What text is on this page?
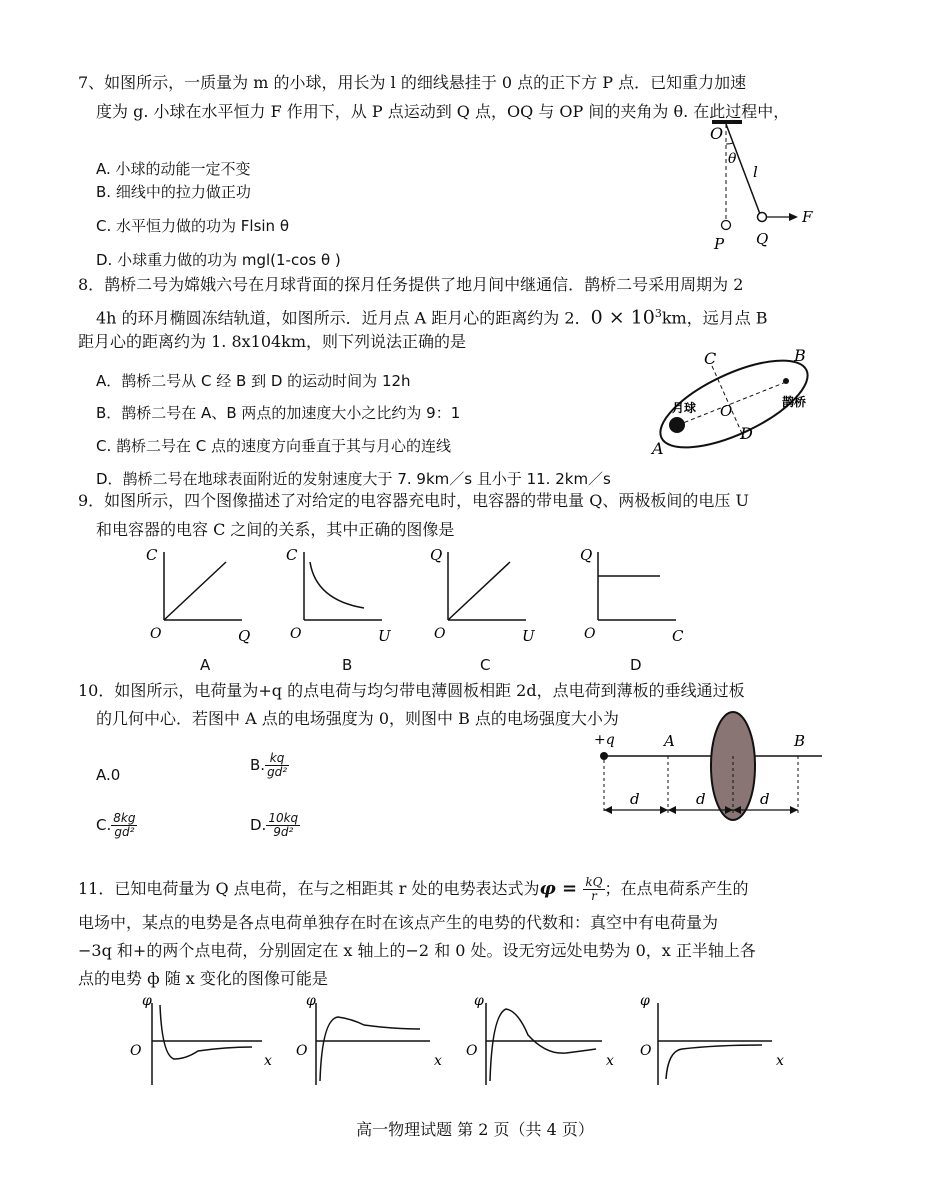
7、如图所示，一质量为 m 的小球，用长为 l 的细线悬挂于 0 点的正下方 P 点．已知重力加速
度为 g. 小球在水平恒力 F 作用下，从 P 点运动到 Q 点，OQ 与 OP 间的夹角为 θ. 在此过程中，
A. 小球的动能一定不变
B. 细线中的拉力做正功
C. 水平恒力做的功为 Flsin θ
D. 小球重力做的功为 mgl(1-cos θ )
O
θ
l
P Q
F
8．鹊桥二号为嫦娥六号在月球背面的探月任务提供了地月间中继通信．鹊桥二号采用周期为 2
4h 的环月椭圆冻结轨道，如图所示．近月点 A 距月心的距离约为 2．$0 \times 10^3km$，远月点 B
距月心的距离约为 1. 8x104km，则下列说法正确的是
A．鹊桥二号从 C 经 B 到 D 的运动时间为 12h
B．鹊桥二号在 A、B 两点的加速度大小之比约为 9：1
C. 鹊桥二号在 C 点的速度方向垂直于其与月心的连线
D．鹊桥二号在地球表面附近的发射速度大于 7. 9km／s 且小于 11. 2km／s
C	B
O
D
A
月球	鹊桥
9．如图所示，四个图像描述了对给定的电容器充电时，电容器的带电量 Q、两极板间的电压 U
和电容器的电容 C 之间的关系，其中正确的图像是
C
O	Q
C
O	U
Q
O	U
Q
O	C
A	B	C	D
10．如图所示，电荷量为+q 的点电荷与均匀带电薄圆板相距 2d，点电荷到薄板的垂线通过板
的几何中心．若图中 A 点的电场强度为 0，则图中 B 点的电场强度大小为
A.0
B. $\frac{kq}{\text{gd²}}$
C. $\frac{8kg}{\text{gd²}}$	D. $\frac{10kq}{\text{9d²}}$
+q	A	B
d	d	d
11．已知电荷量为 Q 点电荷，在与之相距其 r 处的电势表达式为$\varphi = \frac{kQ}{r}$ ；在点电荷系产生的
电场中，某点的电势是各点电荷单独存在时在该点产生的电势的代数和：真空中有电荷量为
−3q 和+的两个点电荷，分别固定在 x 轴上的−2 和 0 处。设无穷远处电势为 0，x 正半轴上各
点的电势 ф 随 x 变化的图像可能是
φ
O
x
φ
O
x
φ
O
x
φ
O
x
高一物理试题 第 2 页（共 4 页）
